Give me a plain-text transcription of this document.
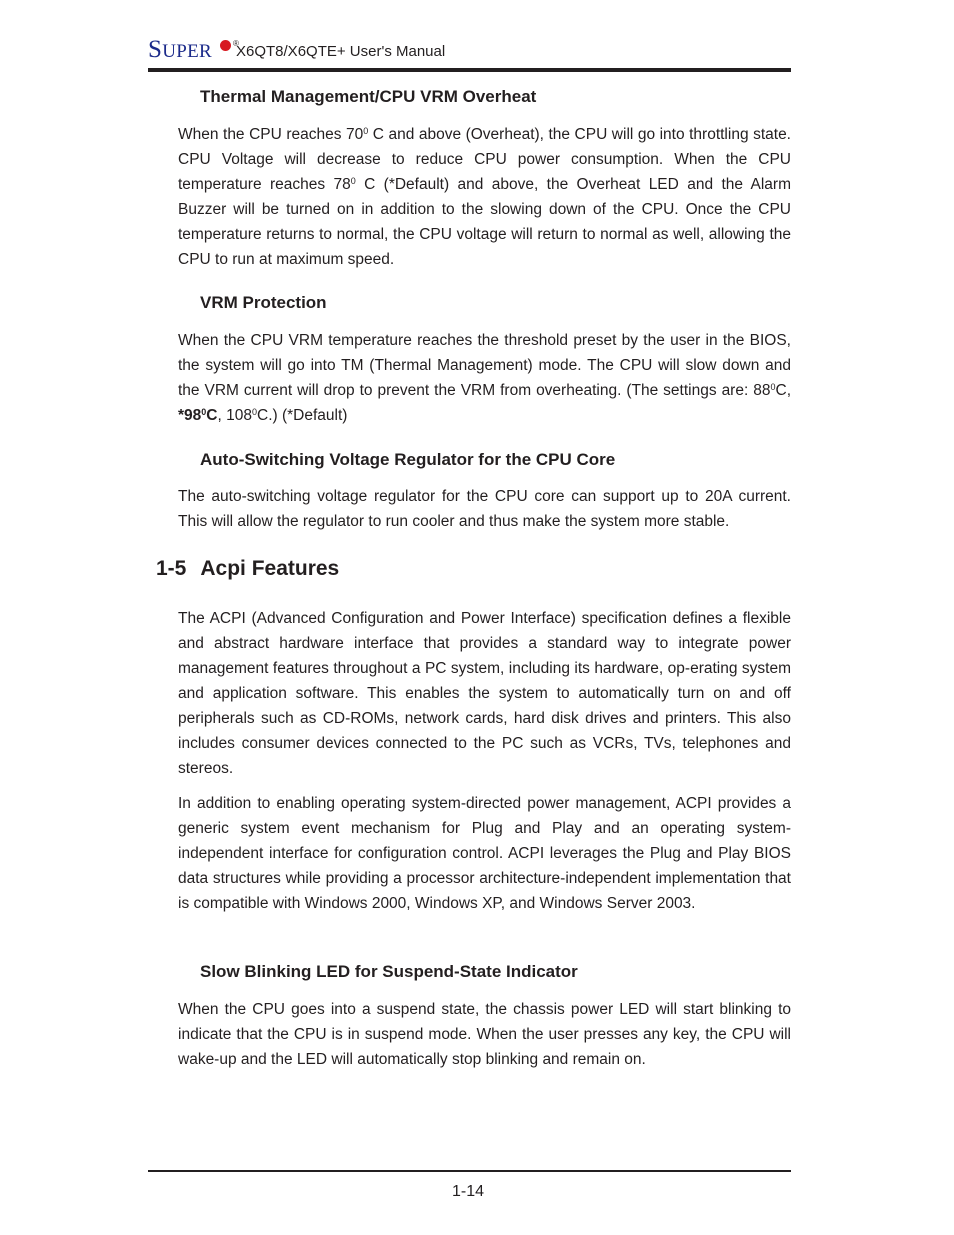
SUPER	®
X6QT8/X6QTE+ User's Manual
Thermal Management/CPU VRM Overheat
When the CPU reaches $70^0$ C and above (Overheat), the CPU will go into throttling state. CPU Voltage will decrease to reduce CPU power consumption. When the CPU temperature reaches $78^0$ C (*Default) and above, the Overheat LED and the Alarm Buzzer will be turned on in addition to the slowing down of the CPU. Once the CPU temperature returns to normal, the CPU voltage will return to normal as well, allowing the CPU to run at maximum speed.
VRM Protection
When the CPU VRM temperature reaches the threshold preset by the user in the BIOS, the system will go into TM (Thermal Management) mode. The CPU will slow down and the VRM current will drop to prevent the VRM from overheating. (The settings are: $88^0C$, $*98^0C$, $108^0C$.) (*Default)
Auto-Switching Voltage Regulator for the CPU Core
The auto-switching voltage regulator for the CPU core can support up to 20A current. This will allow the regulator to run cooler and thus make the system more stable.
1-5 Acpi Features
The ACPI (Advanced Configuration and Power Interface) specification defines a flexible and abstract hardware interface that provides a standard way to integrate power management features throughout a PC system, including its hardware, op-erating system and application software. This enables the system to automatically turn on and off peripherals such as CD-ROMs, network cards, hard disk drives and printers. This also includes consumer devices connected to the PC such as VCRs, TVs, telephones and stereos.
In addition to enabling operating system-directed power management, ACPI provides a generic system event mechanism for Plug and Play and an operating system-independent interface for configuration control. ACPI leverages the Plug and Play BIOS data structures while providing a processor architecture-independent implementation that is compatible with Windows 2000, Windows XP, and Windows Server 2003.
Slow Blinking LED for Suspend-State Indicator
When the CPU goes into a suspend state, the chassis power LED will start blinking to indicate that the CPU is in suspend mode. When the user presses any key, the CPU will wake-up and the LED will automatically stop blinking and remain on.
1-14
